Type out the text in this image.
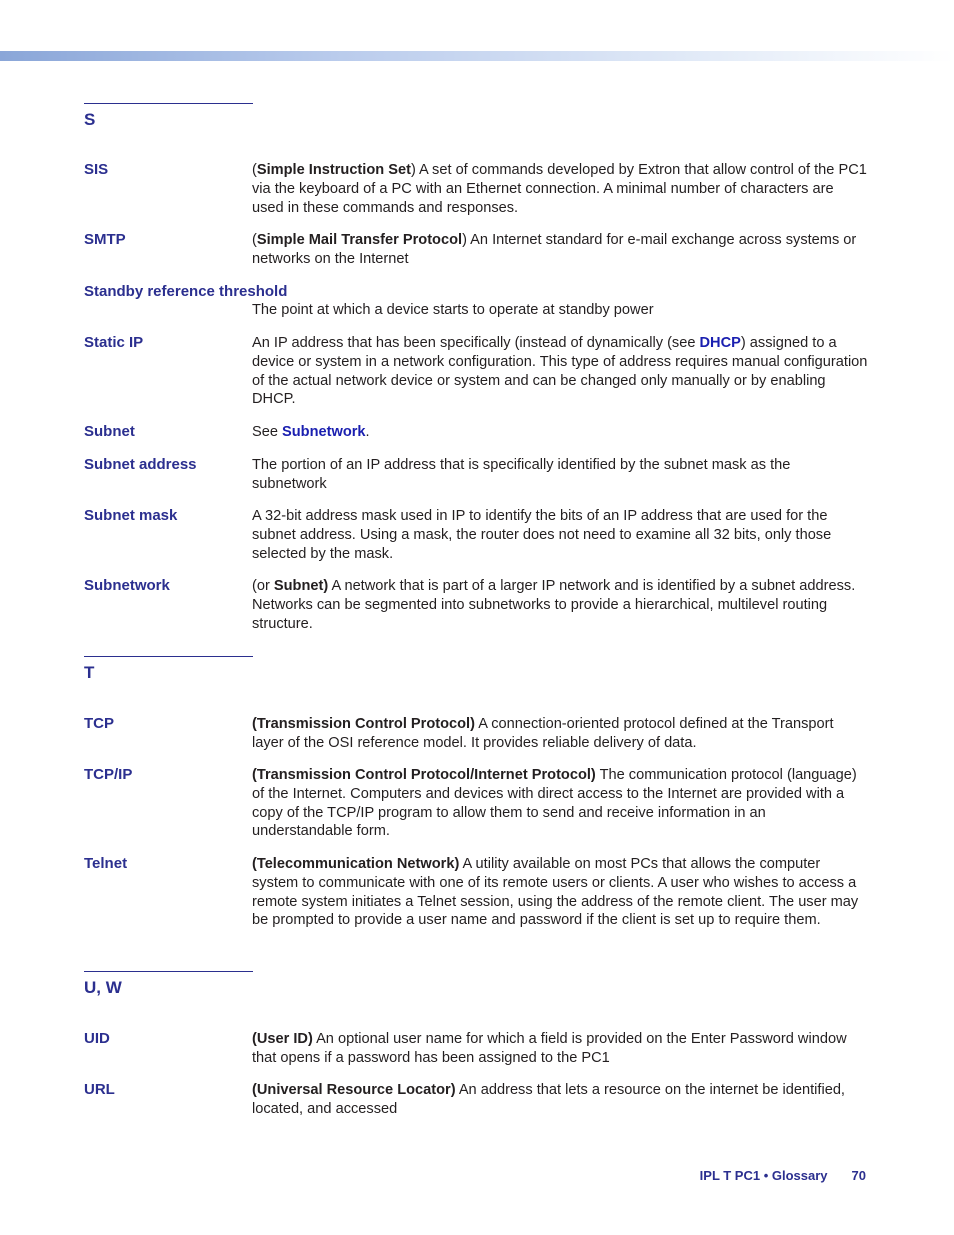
S
SIS	(Simple Instruction Set) A set of commands developed by Extron that allow control of the PC1 via the keyboard of a PC with an Ethernet connection. A minimal number of characters are used in these commands and responses.
SMTP	(Simple Mail Transfer Protocol) An Internet standard for e-mail exchange across systems or networks on the Internet
Standby reference threshold
The point at which a device starts to operate at standby power
Static IP	An IP address that has been specifically (instead of dynamically (see DHCP) assigned to a device or system in a network configuration. This type of address requires manual configuration of the actual network device or system and can be changed only manually or by enabling DHCP.
Subnet	See Subnetwork.
Subnet address	The portion of an IP address that is specifically identified by the subnet mask as the subnetwork
Subnet mask	A 32-bit address mask used in IP to identify the bits of an IP address that are used for the subnet address. Using a mask, the router does not need to examine all 32 bits, only those selected by the mask.
Subnetwork	(or Subnet) A network that is part of a larger IP network and is identified by a subnet address. Networks can be segmented into subnetworks to provide a hierarchical, multilevel routing structure.
T
TCP	(Transmission Control Protocol) A connection-oriented protocol defined at the Transport layer of the OSI reference model. It provides reliable delivery of data.
TCP/IP	(Transmission Control Protocol/Internet Protocol) The communication protocol (language) of the Internet. Computers and devices with direct access to the Internet are provided with a copy of the TCP/IP program to allow them to send and receive information in an understandable form.
Telnet	(Telecommunication Network) A utility available on most PCs that allows the computer system to communicate with one of its remote users or clients. A user who wishes to access a remote system initiates a Telnet session, using the address of the remote client. The user may be prompted to provide a user name and password if the client is set up to require them.
U, W
UID	(User ID) An optional user name for which a field is provided on the Enter Password window that opens if a password has been assigned to the PC1
URL	(Universal Resource Locator) An address that lets a resource on the internet be identified, located, and accessed
IPL T PC1 • Glossary 70
